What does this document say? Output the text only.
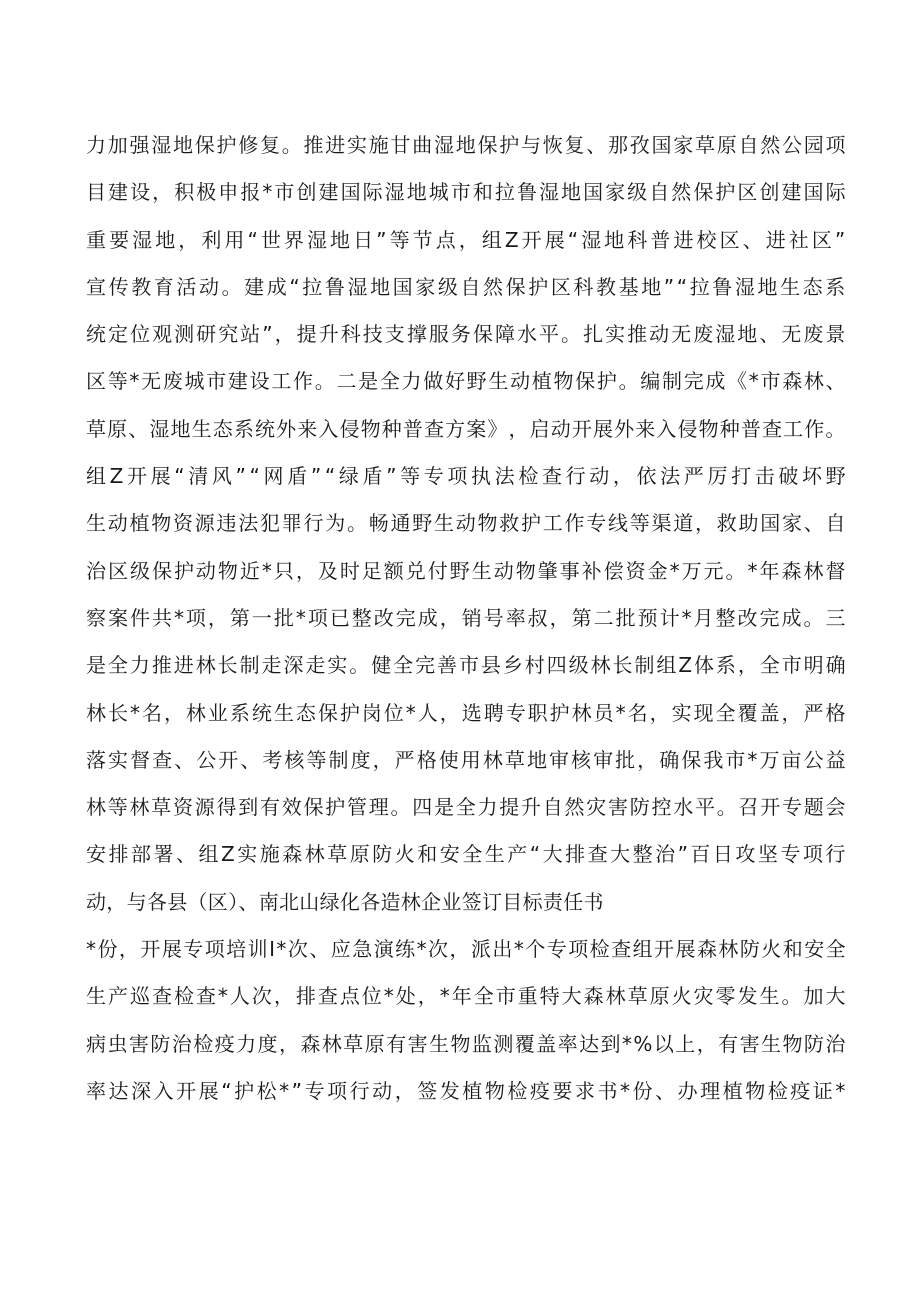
力 加 强 湿 地 保 护 修 复 。 推 进 实 施 甘 曲 湿 地 保 护 与 恢 复 、 那 孜 国 家 草 原 自 然 公 园 项
目 建 设 ， 积 极 申 报 * 市 创 建 国 际 湿 地 城 市 和 拉 鲁 湿 地 国 家 级 自 然 保 护 区 创 建 国 际
重 要 湿 地 ， 利 用 “ 世 界 湿 地 日 ” 等 节 点 ， 组 Z 开 展 “ 湿 地 科 普 进 校 区 、 进 社 区 ”
宣 传 教 育 活 动 。 建 成 “ 拉 鲁 湿 地 国 家 级 自 然 保 护 区 科 教 基 地 ” “ 拉 鲁 湿 地 生 态 系
统 定 位 观 测 研 究 站 ” ， 提 升 科 技 支 撑 服 务 保 障 水 平 。 扎 实 推 动 无 废 湿 地 、 无 废 景
区 等 * 无 废 城 市 建 设 工 作 。 二 是 全 力 做 好 野 生 动 植 物 保 护 。 编 制 完 成 《 * 市 森 林 、
草 原 、 湿 地 生 态 系 统 外 来 入 侵 物 种 普 查 方 案 》 ， 启 动 开 展 外 来 入 侵 物 种 普 查 工 作 。
组 Z 开 展 “ 清 风 ” “ 网 盾 ” “ 绿 盾 ” 等 专 项 执 法 检 查 行 动 ， 依 法 严 厉 打 击 破 坏 野
生 动 植 物 资 源 违 法 犯 罪 行 为 。 畅 通 野 生 动 物 救 护 工 作 专 线 等 渠 道 ， 救 助 国 家 、 自
治 区 级 保 护 动 物 近 * 只 ， 及 时 足 额 兑 付 野 生 动 物 肇 事 补 偿 资 金 * 万 元 。 * 年 森 林 督
察 案 件 共 * 项 ， 第 一 批 * 项 已 整 改 完 成 ， 销 号 率 叔 ， 第 二 批 预 计 * 月 整 改 完 成 。 三
是 全 力 推 进 林 长 制 走 深 走 实 。 健 全 完 善 市 县 乡 村 四 级 林 长 制 组 Z 体 系 ， 全 市 明 确
林 长 * 名 ， 林 业 系 统 生 态 保 护 岗 位 * 人 ， 选 聘 专 职 护 林 员 * 名 ， 实 现 全 覆 盖 ， 严 格
落 实 督 查 、 公 开 、 考 核 等 制 度 ， 严 格 使 用 林 草 地 审 核 审 批 ， 确 保 我 市 * 万 亩 公 益
林 等 林 草 资 源 得 到 有 效 保 护 管 理 。 四 是 全 力 提 升 自 然 灾 害 防 控 水 平 。 召 开 专 题 会
安 排 部 署 、 组 Z 实 施 森 林 草 原 防 火 和 安 全 生 产 “ 大 排 查 大 整 治 ” 百 日 攻 坚 专 项 行
动，与各县（区）、南北山绿化各造林企业签订目标责任书
* 份 ， 开 展 专 项 培 训 I * 次 、 应 急 演 练 * 次 ， 派 出 * 个 专 项 检 查 组 开 展 森 林 防 火 和 安 全
生 产 巡 查 检 查 * 人 次 ， 排 查 点 位 * 处 ， * 年 全 市 重 特 大 森 林 草 原 火 灾 零 发 生 。 加 大
病 虫 害 防 治 检 疫 力 度 ， 森 林 草 原 有 害 生 物 监 测 覆 盖 率 达 到 * % 以 上 ， 有 害 生 物 防 治
率 达 深 入 开 展 “ 护 松 * ” 专 项 行 动 ， 签 发 植 物 检 疫 要 求 书 * 份 、 办 理 植 物 检 疫 证 *
